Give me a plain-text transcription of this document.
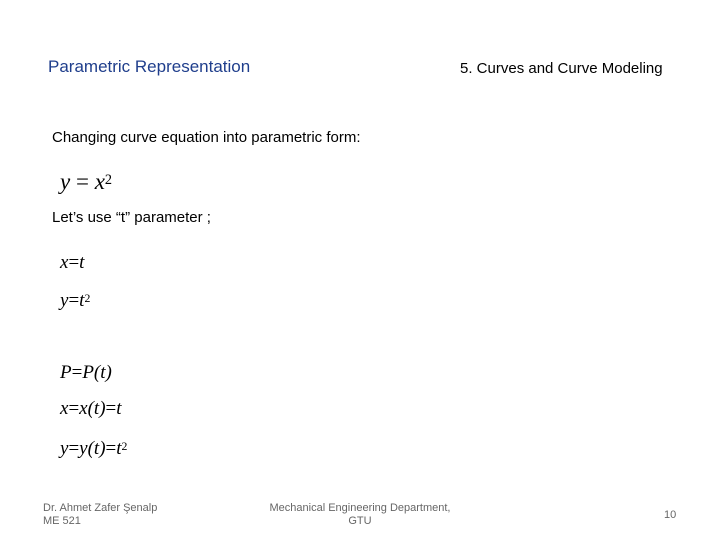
Parametric Representation	5. Curves and Curve Modeling
Changing curve equation into parametric form:
$y = x^2$
Let’s use “t” parameter ;
x=t
$y=t^2$
P=P(t)
x=x(t)=t
$y=y(t)=t^2$
Dr. Ahmet Zafer Şenalp
ME 521
Mechanical Engineering Department,
GTU	10
